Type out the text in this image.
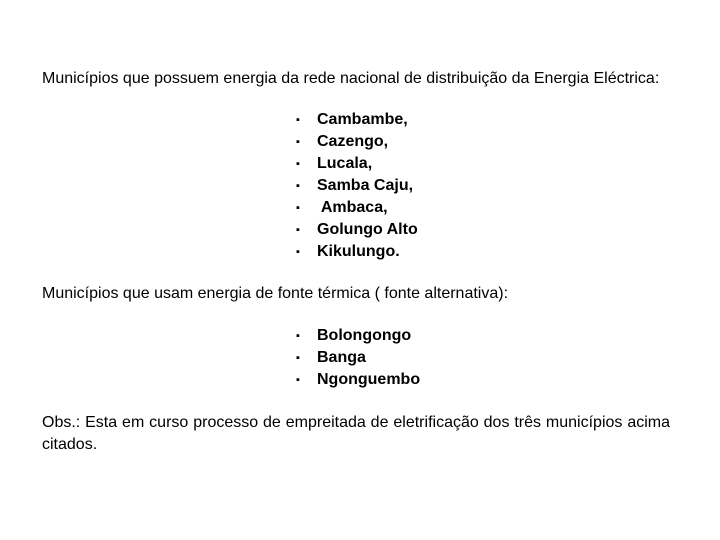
Municípios que possuem energia da rede nacional de distribuição da Energia Eléctrica:

▪ Cambambe,
▪ Cazengo,
▪ Lucala,
▪ Samba Caju,
▪ Ambaca,
▪ Golungo Alto
▪ Kikulungo.

Municípios que usam energia de fonte térmica ( fonte alternativa):

▪ Bolongongo
▪ Banga
▪ Ngonguembo

Obs.: Esta em curso processo de empreitada de eletrificação dos três municípios acima citados.
